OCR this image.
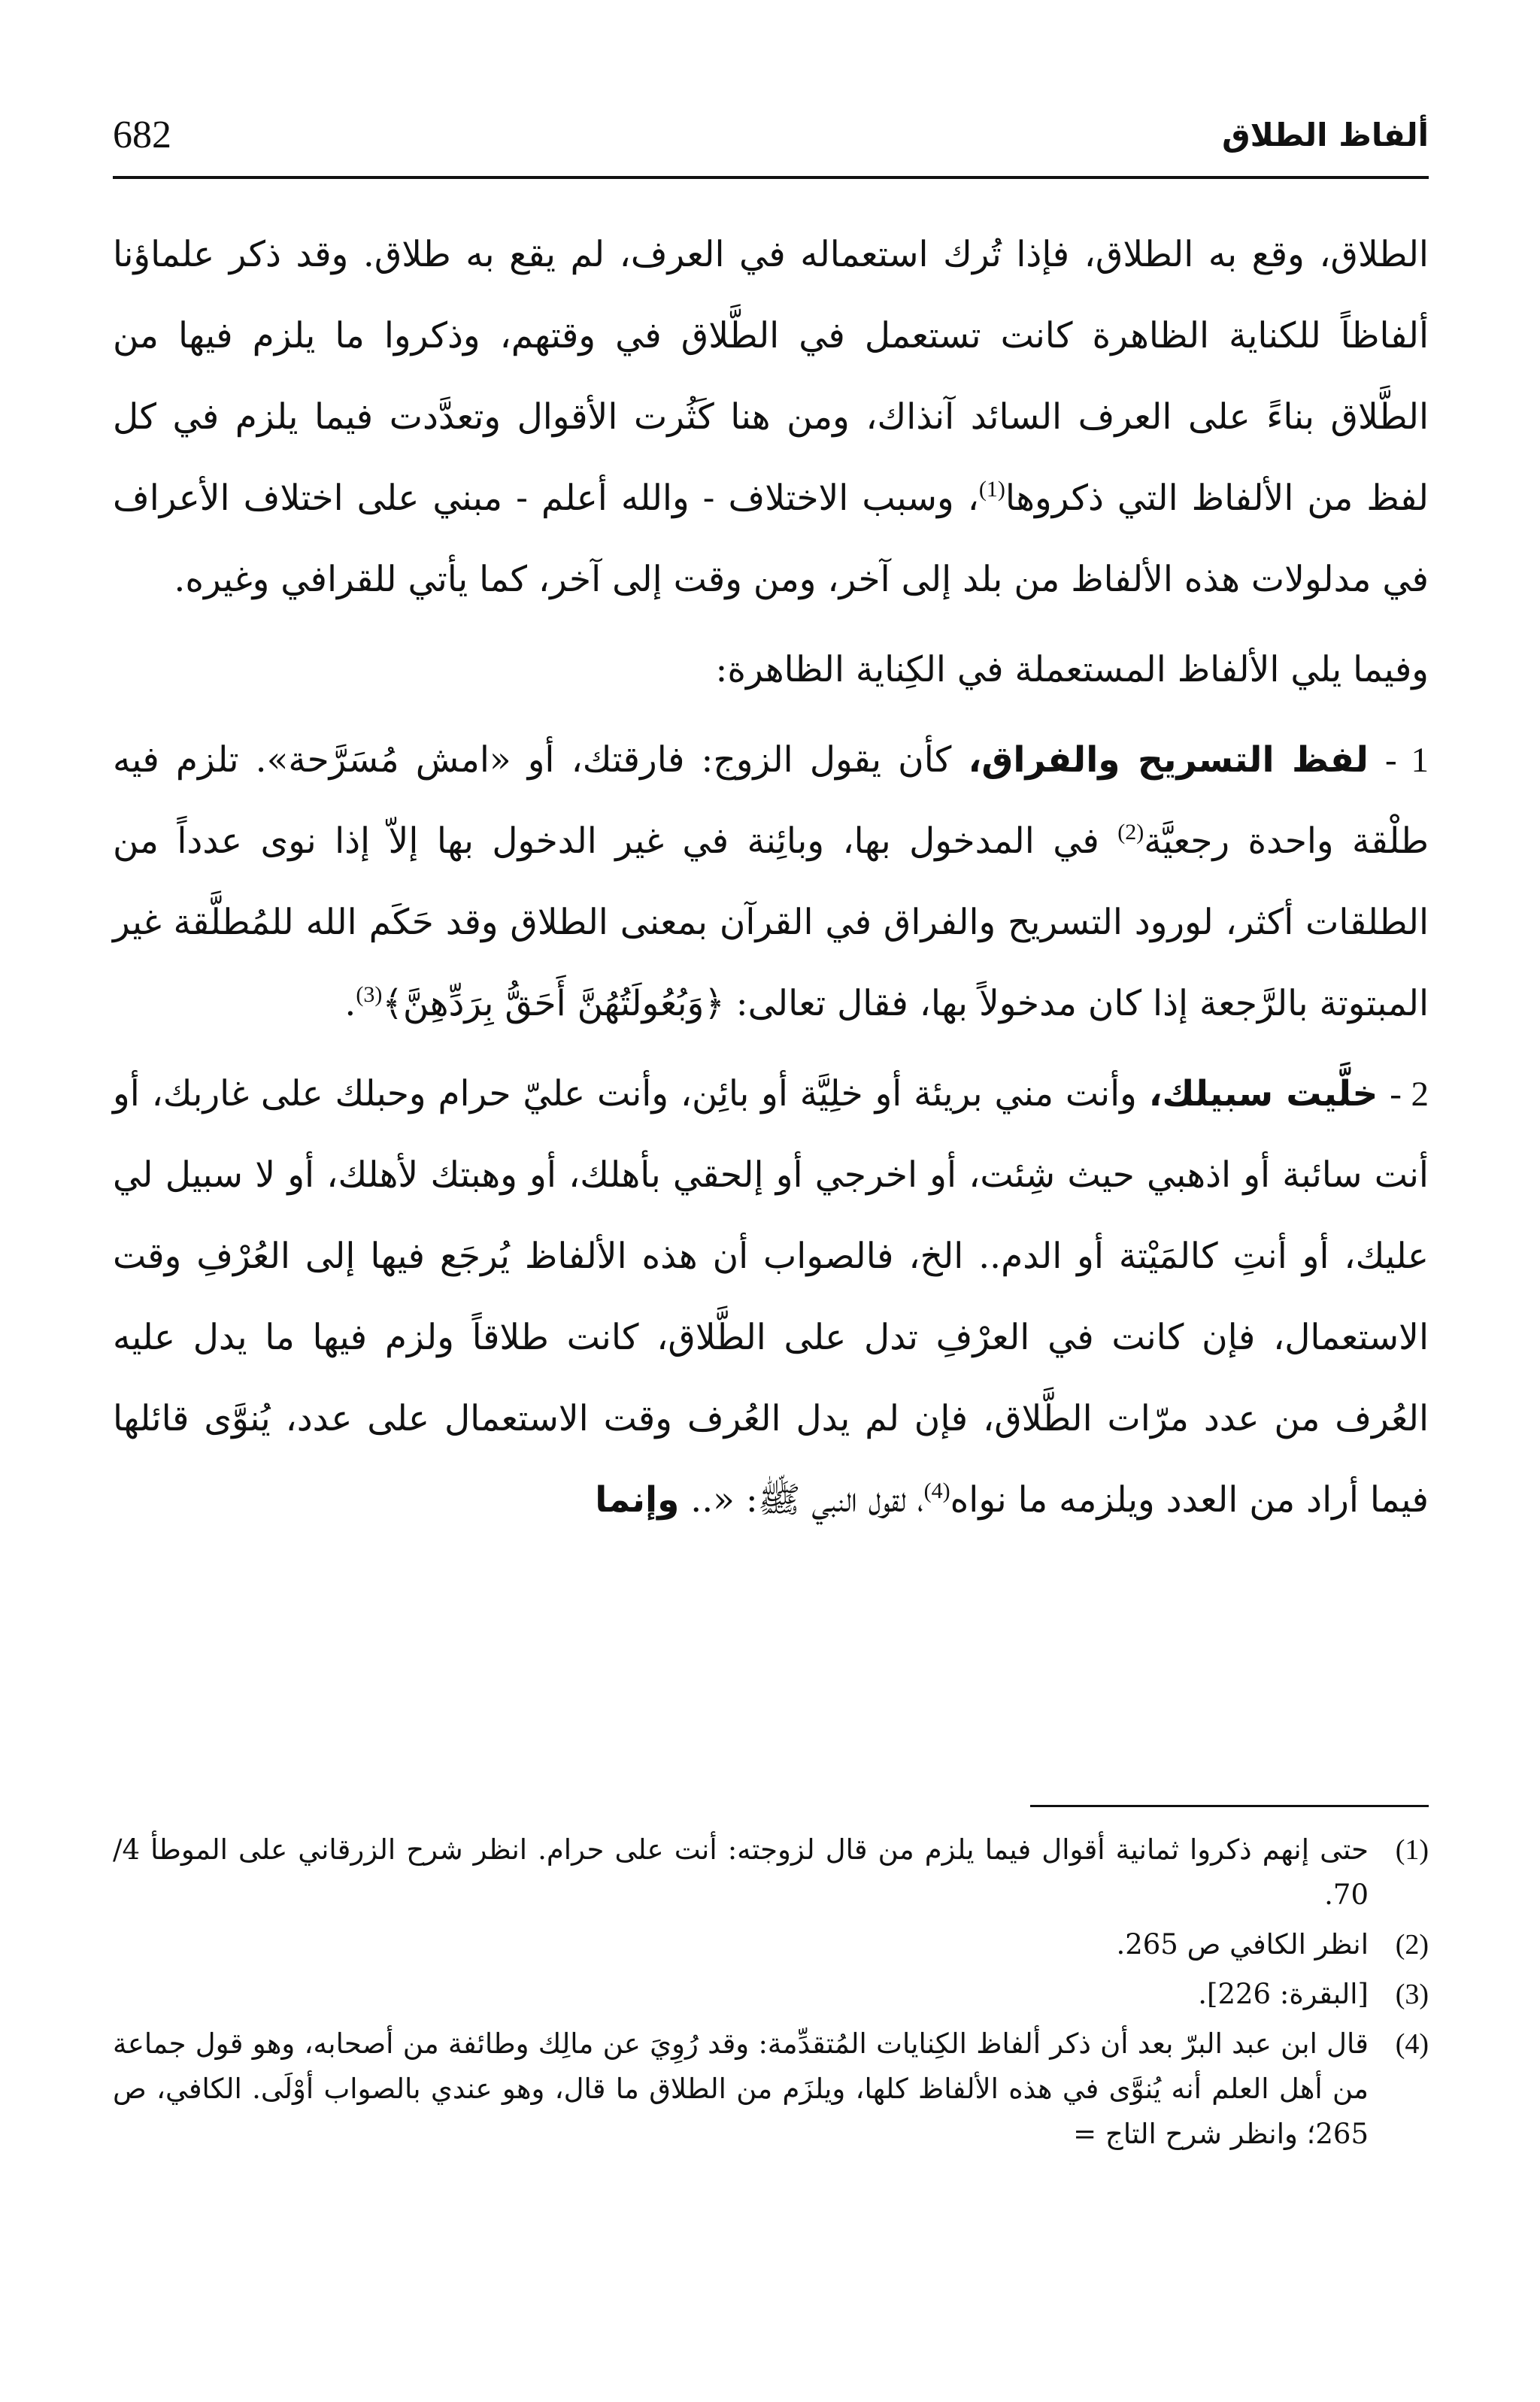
682	ألفاظ الطلاق

الطلاق، وقع به الطلاق، فإذا تُرك استعماله في العرف، لم يقع به طلاق. وقد ذكر علماؤنا ألفاظاً للكناية الظاهرة كانت تستعمل في الطَّلاق في وقتهم، وذكروا ما يلزم فيها من الطَّلاق بناءً على العرف السائد آنذاك، ومن هنا كَثُرت الأقوال وتعدَّدت فيما يلزم في كل لفظ من الألفاظ التي ذكروها$^{(1)}$، وسبب الاختلاف - والله أعلم - مبني على اختلاف الأعراف في مدلولات هذه الألفاظ من بلد إلى آخر، ومن وقت إلى آخر، كما يأتي للقرافي وغيره.

وفيما يلي الألفاظ المستعملة في الكِناية الظاهرة:

1 - لفظ التسريح والفراق، كأن يقول الزوج: فارقتك، أو «امش مُسَرَّحة». تلزم فيه طلْقة واحدة رجعيَّة$^{(2)}$ في المدخول بها، وبائِنة في غير الدخول بها إلاّ إذا نوى عدداً من الطلقات أكثر، لورود التسريح والفراق في القرآن بمعنى الطلاق وقد حَكَم الله للمُطلَّقة غير المبتوتة بالرَّجعة إذا كان مدخولاً بها، فقال تعالى: ﴿وَبُعُولَتُهُنَّ أَحَقُّ بِرَدِّهِنَّ﴾$^{(3)}$.

2 - خلَّيت سبيلك، وأنت مني بريئة أو خلِيَّة أو بائِن، وأنت عليّ حرام وحبلك على غاربك، أو أنت سائبة أو اذهبي حيث شِئت، أو اخرجي أو إلحقي بأهلك، أو وهبتك لأهلك، أو لا سبيل لي عليك، أو أنتِ كالمَيْتة أو الدم.. الخ، فالصواب أن هذه الألفاظ يُرجَع فيها إلى العُرْفِ وقت الاستعمال، فإن كانت في العرْفِ تدل على الطَّلاق، كانت طلاقاً ولزم فيها ما يدل عليه العُرف من عدد مرّات الطَّلاق، فإن لم يدل العُرف وقت الاستعمال على عدد، يُنوَّى قائلها فيما أراد من العدد ويلزمه ما نواه$^{(4)}$، لقول النبي ﷺ: «.. وإنما

(1)
حتى إنهم ذكروا ثمانية أقوال فيما يلزم من قال لزوجته: أنت على حرام. انظر شرح الزرقاني على الموطأ 4/ 70.
(2)
انظر الكافي ص 265.
(3)
[البقرة: 226].
(4)
قال ابن عبد البرّ بعد أن ذكر ألفاظ الكِنايات المُتقدِّمة: وقد رُوِيَ عن مالِك وطائفة من أصحابه، وهو قول جماعة من أهل العلم أنه يُنوَّى في هذه الألفاظ كلها، ويلزَم من الطلاق ما قال، وهو عندي بالصواب أوْلَى. الكافي، ص 265؛ وانظر شرح التاج =
